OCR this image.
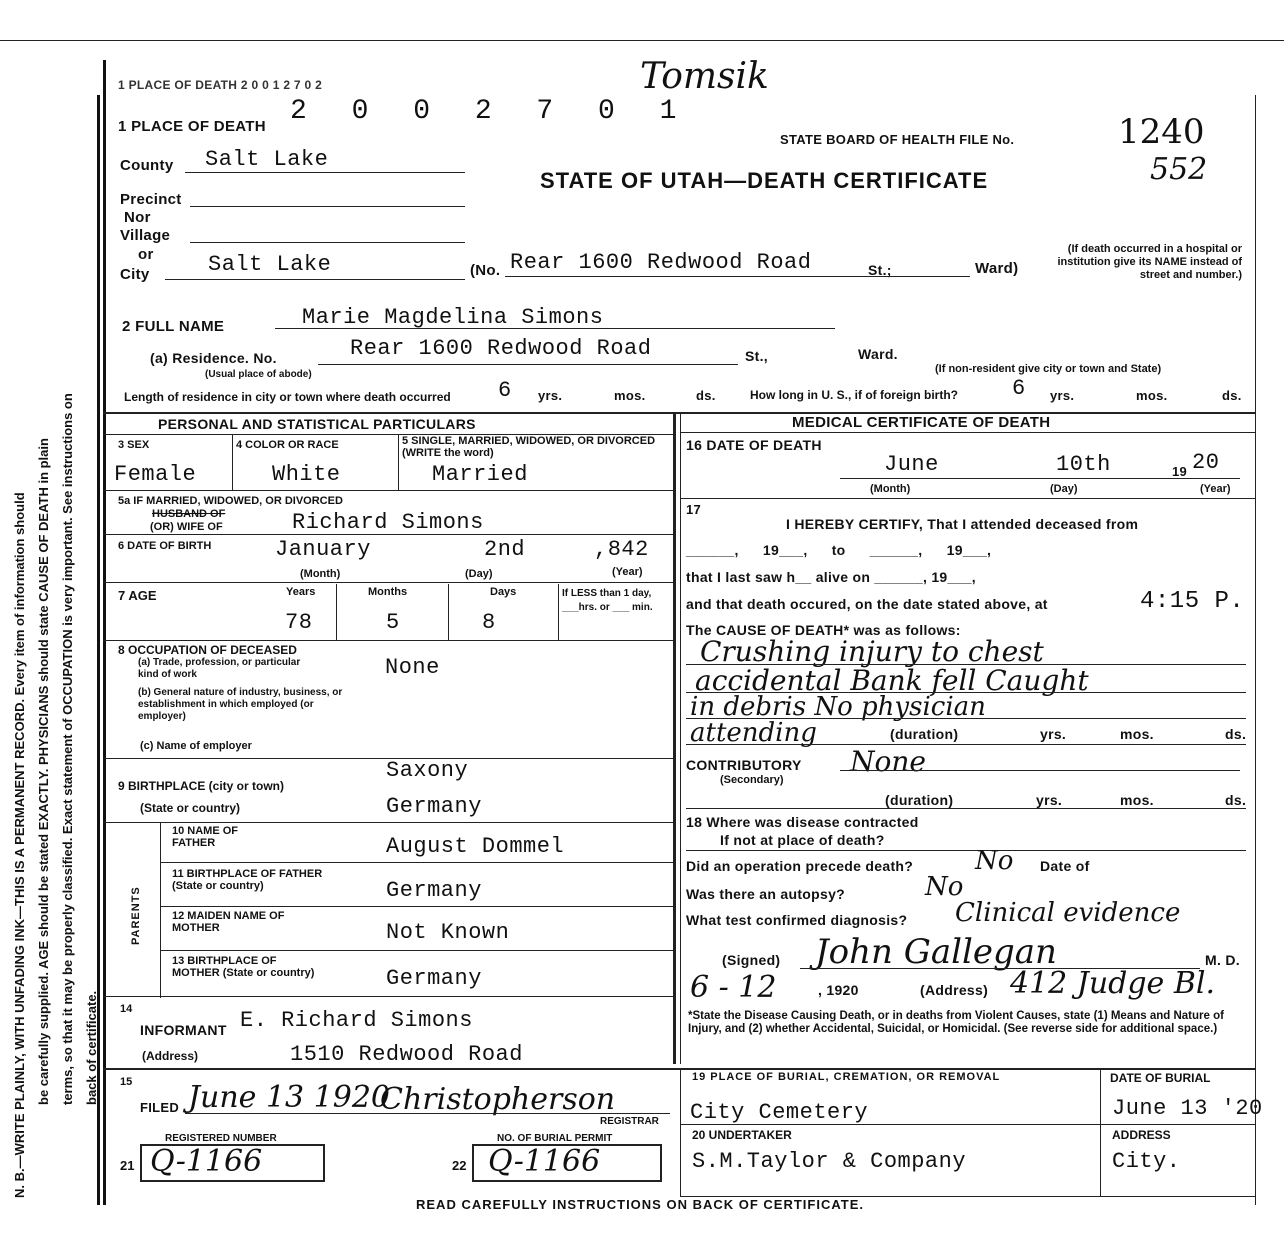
N. B.—WRITE PLAINLY, WITH UNFADING INK—THIS IS A PERMANENT RECORD. Every item of information should be carefully supplied. AGE should be stated EXACTLY. PHYSICIANS should state CAUSE OF DEATH in plain terms, so that it may be properly classified. Exact statement of OCCUPATION is very important. See instructions on back of certificate.
1 PLACE OF DEATH 2 0 0 1 2 7 0 2	Tomsik
2 0 0 2 7 0 1
1 PLACE OF DEATH
STATE BOARD OF HEALTH FILE No.	1240
552
STATE OF UTAH—DEATH CERTIFICATE
County Salt Lake
Precinct
Nor
Village
or
City	Salt Lake	(No. Rear 1600 Redwood Road	St.;	Ward)
(If death occurred in a hospital or institution give its NAME instead of street and number.)
2 FULL NAME	Marie Magdelina Simons
(a) Residence. No.	Rear 1600 Redwood Road	St.,	Ward.
(Usual place of abode)	(If non-resident give city or town and State)
Length of residence in city or town where death occurred 6 yrs.	mos.	ds.	How long in U. S., if of foreign birth? 6 yrs.	mos.	ds.
PERSONAL AND STATISTICAL PARTICULARS
3 SEX
Female
4 COLOR OR RACE
White
5 SINGLE, MARRIED, WIDOWED, OR DIVORCED (WRITE the word)
Married
5a IF MARRIED, WIDOWED, OR DIVORCED
HUSBAND OF
(OR) WIFE OF	Richard Simons
6 DATE OF BIRTH	January	2nd	,842
(Month)	(Day)	(Year)
7 AGE	Years	Months	Days
78	5	8
If LESS than 1 day, ___hrs. or ___ min.
8 OCCUPATION OF DECEASED
(a) Trade, profession, or particular kind of work	None
(b) General nature of industry, business, or establishment in which employed (or employer)
(c) Name of employer
9 BIRTHPLACE (city or town)
Saxony
(State or country)	Germany
PARENTS
10 NAME OF FATHER	August Dommel
11 BIRTHPLACE OF FATHER (State or country)	Germany
12 MAIDEN NAME OF MOTHER	Not Known
13 BIRTHPLACE OF MOTHER (State or country)	Germany
14
INFORMANT E. Richard Simons
(Address)	1510 Redwood Road
15
FILED June 13 1920
Christopherson
REGISTRAR
REGISTERED NUMBER	NO. OF BURIAL PERMIT
21 Q-1166	22 Q-1166
MEDICAL CERTIFICATE OF DEATH
16 DATE OF DEATH
June	10th	19 20
(Month)	(Day)	(Year)
17
I HEREBY CERTIFY, That I attended deceased from
______, 19___, to ______, 19___,
that I last saw h__ alive on ______, 19___,
and that death occured, on the date stated above, at	4:15 P.
The CAUSE OF DEATH* was as follows:
Crushing injury to chest
accidental Bank fell Caught
in debris No physician
attending	(duration)	yrs.	mos.	ds.
CONTRIBUTORY None
(Secondary)
(duration)	yrs.	mos.	ds.
18 Where was disease contracted
If not at place of death?
Did an operation precede death? No Date of
Was there an autopsy?	No
What test confirmed diagnosis? Clinical evidence
(Signed) John Gallegan	M. D.
6 - 12	, 1920	(Address) 412 Judge Bl.
*State the Disease Causing Death, or in deaths from Violent Causes, state (1) Means and Nature of Injury, and (2) whether Accidental, Suicidal, or Homicidal. (See reverse side for additional space.)
19 PLACE OF BURIAL, CREMATION, OR REMOVAL
City Cemetery
DATE OF BURIAL
June 13 '20
20 UNDERTAKER
S.M.Taylor & Company
ADDRESS
City.
READ CAREFULLY INSTRUCTIONS ON BACK OF CERTIFICATE.
